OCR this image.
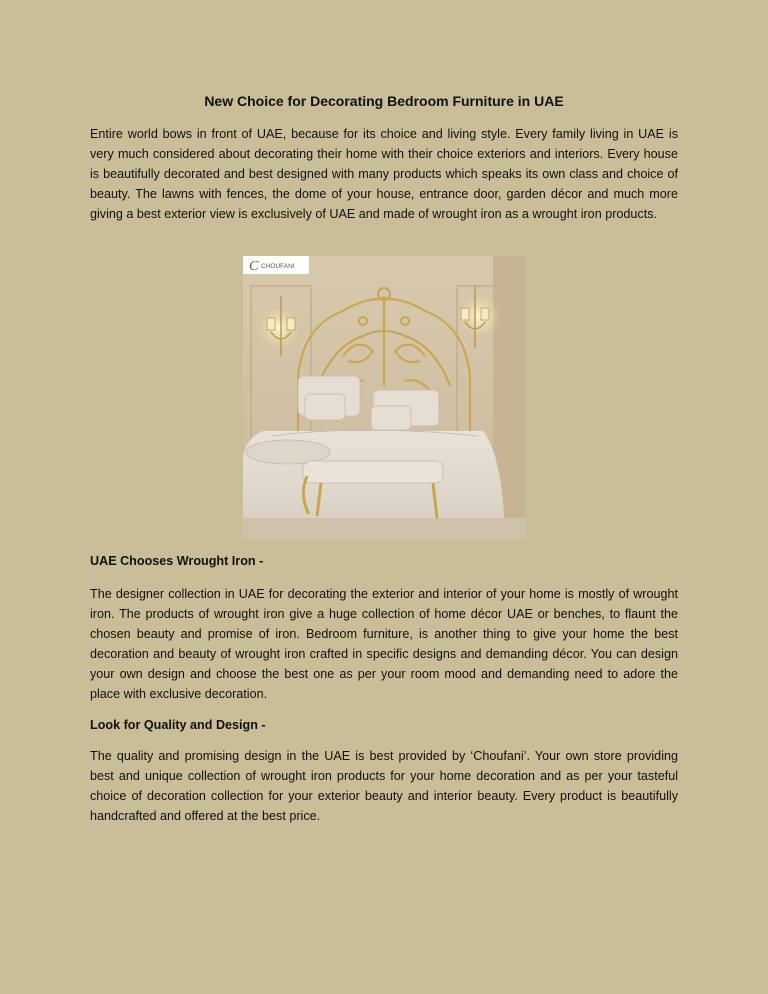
New Choice for Decorating Bedroom Furniture in UAE

Entire world bows in front of UAE, because for its choice and living style. Every family living in UAE is very much considered about decorating their home with their choice exteriors and interiors. Every house is beautifully decorated and best designed with many products which speaks its own class and choice of beauty. The lawns with fences, the dome of your house, entrance door, garden décor and much more giving a best exterior view is exclusively of UAE and made of wrought iron as a wrought iron products.

C CHOUFANI

UAE Chooses Wrought Iron -

The designer collection in UAE for decorating the exterior and interior of your home is mostly of wrought iron. The products of wrought iron give a huge collection of home décor UAE or benches, to flaunt the chosen beauty and promise of iron. Bedroom furniture, is another thing to give your home the best decoration and beauty of wrought iron crafted in specific designs and demanding décor. You can design your own design and choose the best one as per your room mood and demanding need to adore the place with exclusive decoration.

Look for Quality and Design -

The quality and promising design in the UAE is best provided by ‘Choufani’. Your own store providing best and unique collection of wrought iron products for your home decoration and as per your tasteful choice of decoration collection for your exterior beauty and interior beauty. Every product is beautifully handcrafted and offered at the best price.
